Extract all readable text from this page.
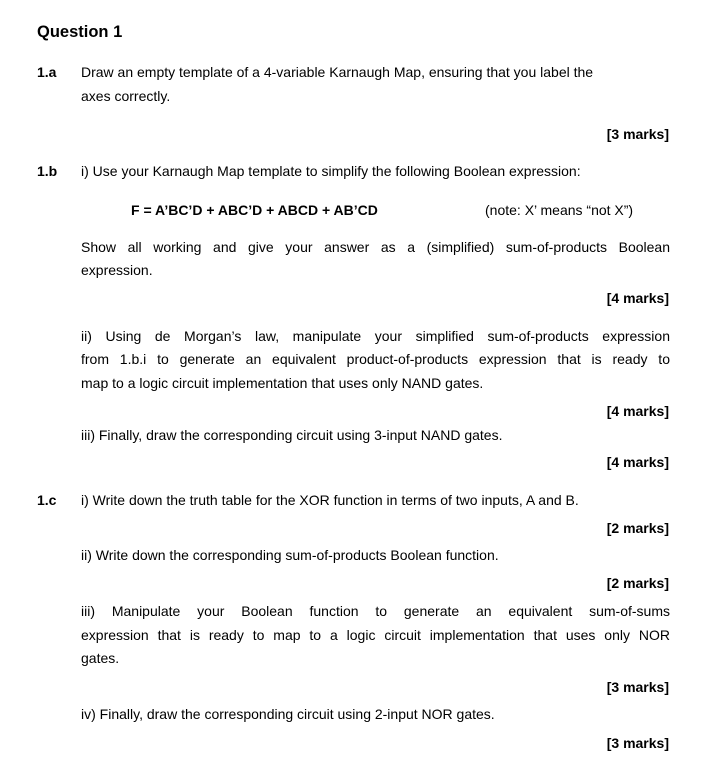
Question 1
1.a Draw an empty template of a 4-variable Karnaugh Map, ensuring that you label the
axes correctly.
[3 marks]
1.b i) Use your Karnaugh Map template to simplify the following Boolean expression:
F = A’BC’D + ABC’D + ABCD + AB’CD	(note: X’ means “not X”)
Show all working and give your answer as a (simplified) sum-of-products Boolean
expression.
[4 marks]
ii) Using de Morgan’s law, manipulate your simplified sum-of-products expression
from 1.b.i to generate an equivalent product-of-products expression that is ready to
map to a logic circuit implementation that uses only NAND gates.
[4 marks]
iii) Finally, draw the corresponding circuit using 3-input NAND gates.
[4 marks]
1.c i) Write down the truth table for the XOR function in terms of two inputs, A and B.
[2 marks]
ii) Write down the corresponding sum-of-products Boolean function.
[2 marks]
iii) Manipulate your Boolean function to generate an equivalent sum-of-sums
expression that is ready to map to a logic circuit implementation that uses only NOR
gates.
[3 marks]
iv) Finally, draw the corresponding circuit using 2-input NOR gates.
[3 marks]
